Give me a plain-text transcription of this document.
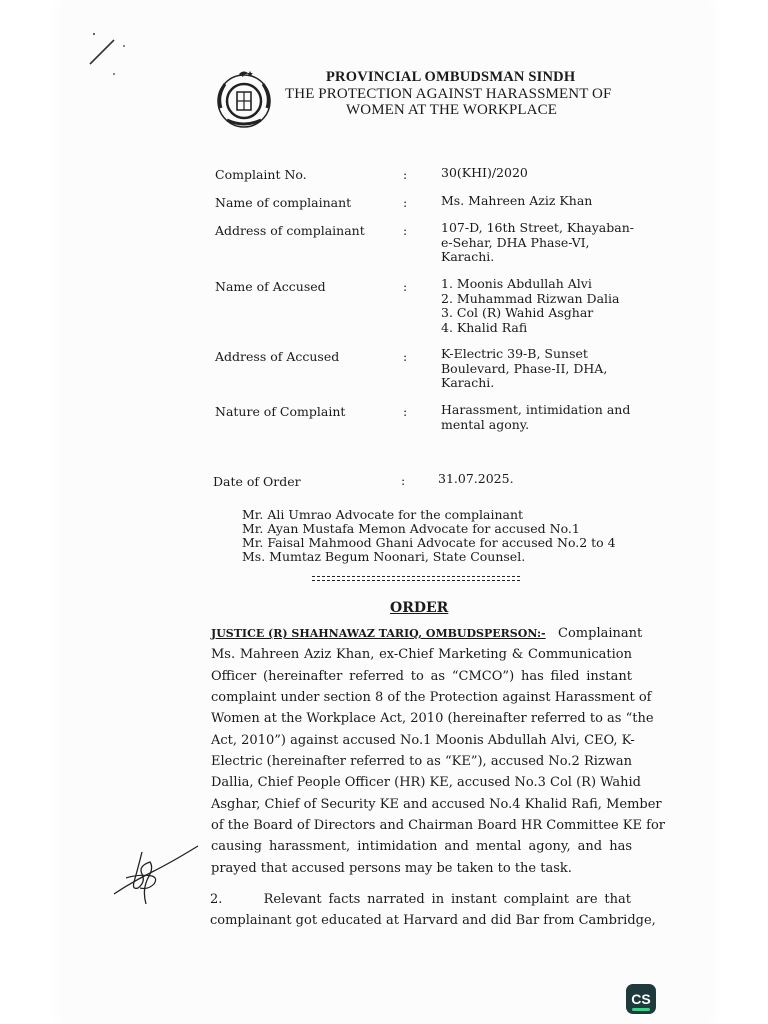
PROVINCIAL OMBUDSMAN SINDH
THE PROTECTION AGAINST HARASSMENT OF
WOMEN AT THE WORKPLACE
Complaint No.	:	30(KHI)/2020
Name of complainant	:	Ms. Mahreen Aziz Khan
Address of complainant	:	107-D, 16th Street, Khayaban-
e-Sehar, DHA Phase-VI,
Karachi.
Name of Accused	:	1. Moonis Abdullah Alvi
2. Muhammad Rizwan Dalia
3. Col (R) Wahid Asghar
4. Khalid Rafi
Address of Accused	:	K-Electric 39-B, Sunset
Boulevard, Phase-II, DHA,
Karachi.
Nature of Complaint	:	Harassment, intimidation and
mental agony.
Date of Order	:	31.07.2025.
Mr. Ali Umrao Advocate for the complainant
Mr. Ayan Mustafa Memon Advocate for accused No.1
Mr. Faisal Mahmood Ghani Advocate for accused No.2 to 4
Ms. Mumtaz Begum Noonari, State Counsel.
ORDER
JUSTICE (R) SHAHNAWAZ TARIQ, OMBUDSPERSON:- Complainant
Ms. Mahreen Aziz Khan, ex-Chief Marketing & Communication
Officer (hereinafter referred to as “CMCO”) has filed instant
complaint under section 8 of the Protection against Harassment of
Women at the Workplace Act, 2010 (hereinafter referred to as “the
Act, 2010”) against accused No.1 Moonis Abdullah Alvi, CEO, K-
Electric (hereinafter referred to as “KE”), accused No.2 Rizwan
Dallia, Chief People Officer (HR) KE, accused No.3 Col (R) Wahid
Asghar, Chief of Security KE and accused No.4 Khalid Rafi, Member
of the Board of Directors and Chairman Board HR Committee KE for
causing harassment, intimidation and mental agony, and has
prayed that accused persons may be taken to the task.
2.      Relevant facts narrated in instant complaint are that
complainant got educated at Harvard and did Bar from Cambridge,
CS
